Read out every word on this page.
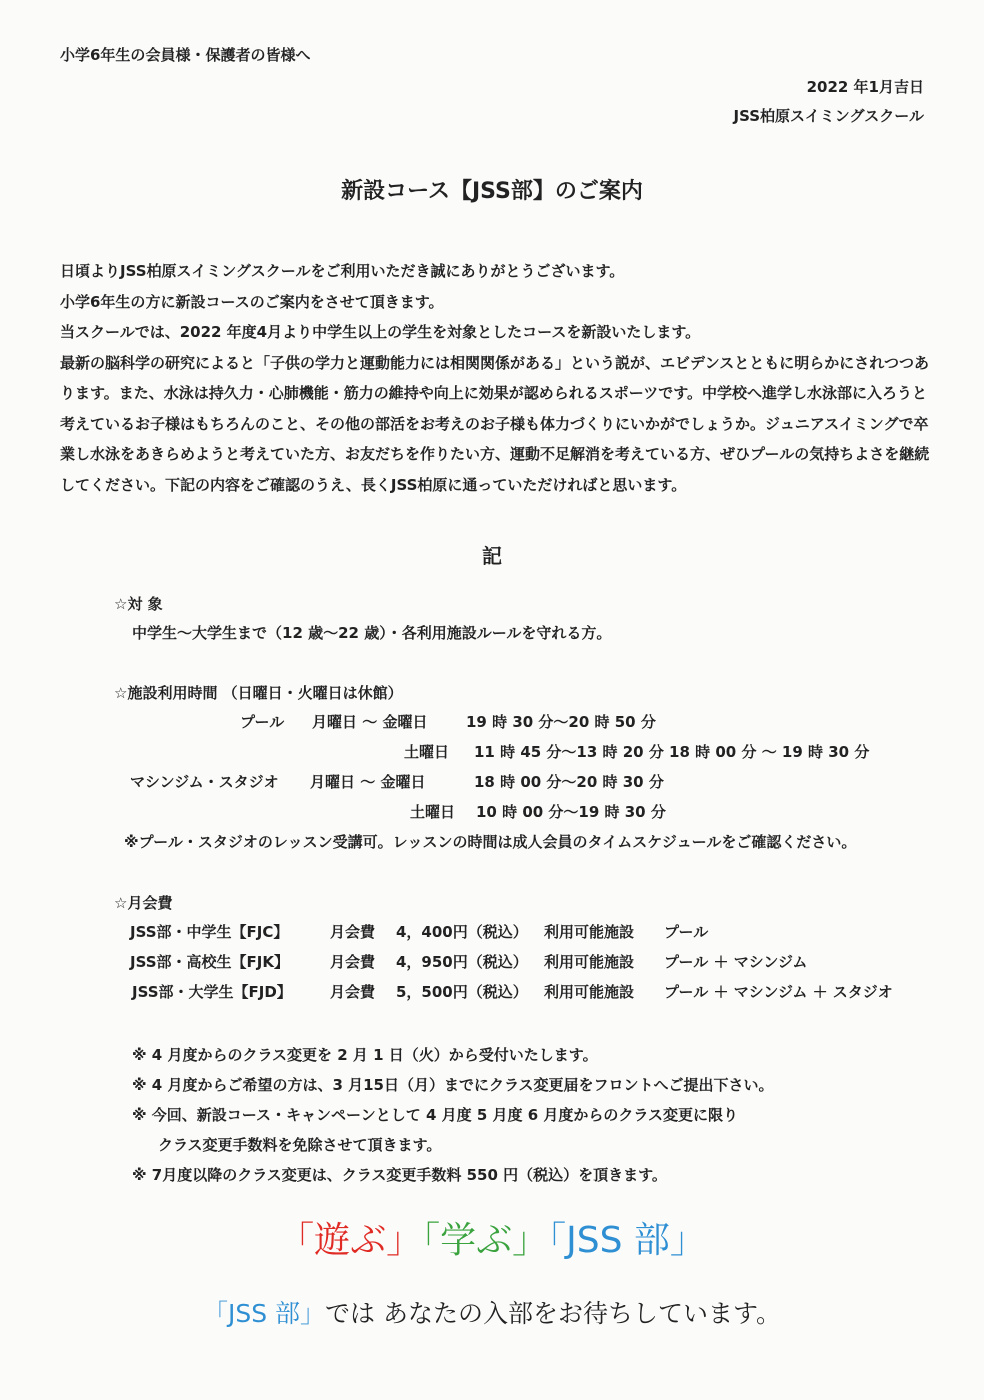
小学6年生の会員様・保護者の皆様へ
2022 年1月吉日
JSS柏原スイミングスクール
新設コース【JSS部】のご案内

日頃よりJSS柏原スイミングスクールをご利用いただき誠にありがとうございます。

小学6年生の方に新設コースのご案内をさせて頂きます。

当スクールでは、2022 年度4月より中学生以上の学生を対象としたコースを新設いたします。

最新の脳科学の研究によると「子供の学力と運動能力には相関関係がある」という説が、エビデンスとともに明らかにされつつあります。また、水泳は持久力・心肺機能・筋力の維持や向上に効果が認められるスポーツです。中学校へ進学し水泳部に入ろうと考えているお子様はもちろんのこと、その他の部活をお考えのお子様も体力づくりにいかがでしょうか。ジュニアスイミングで卒業し水泳をあきらめようと考えていた方、お友だちを作りたい方、運動不足解消を考えている方、ぜひプールの気持ちよさを継続してください。下記の内容をご確認のうえ、長くJSS柏原に通っていただければと思います。

記
☆対 象
中学生～大学生まで（12 歳～22 歳）・各利用施設ルールを守れる方。
☆施設利用時間 （日曜日・火曜日は休館）
プール 月曜日 ～ 金曜日	19 時 30 分～20 時 50 分
土曜日 11 時 45 分～13 時 20 分 18 時 00 分 ～ 19 時 30 分
マシンジム・スタジオ 月曜日 ～ 金曜日	18 時 00 分～20 時 30 分
土曜日 10 時 00 分～19 時 30 分
※プール・スタジオのレッスン受講可。レッスンの時間は成人会員のタイムスケジュールをご確認ください。
☆月会費
JSS部・中学生【FJC】	月会費 4，400円（税込） 利用可能施設 プール
JSS部・高校生【FJK】	月会費 4，950円（税込） 利用可能施設 プール ＋ マシンジム
JSS部・大学生【FJD】	月会費 5，500円（税込） 利用可能施設 プール ＋ マシンジム ＋ スタジオ
※ 4 月度からのクラス変更を 2 月 1 日（火）から受付いたします。
※ 4 月度からご希望の方は、3 月15日（月）までにクラス変更届をフロントへご提出下さい。
※ 今回、新設コース・キャンペーンとして 4 月度 5 月度 6 月度からのクラス変更に限り
クラス変更手数料を免除させて頂きます。
※ 7月度以降のクラス変更は、クラス変更手数料 550 円（税込）を頂きます。
「遊ぶ」「学ぶ」「JSS 部」
「JSS 部」では あなたの入部をお待ちしています。
